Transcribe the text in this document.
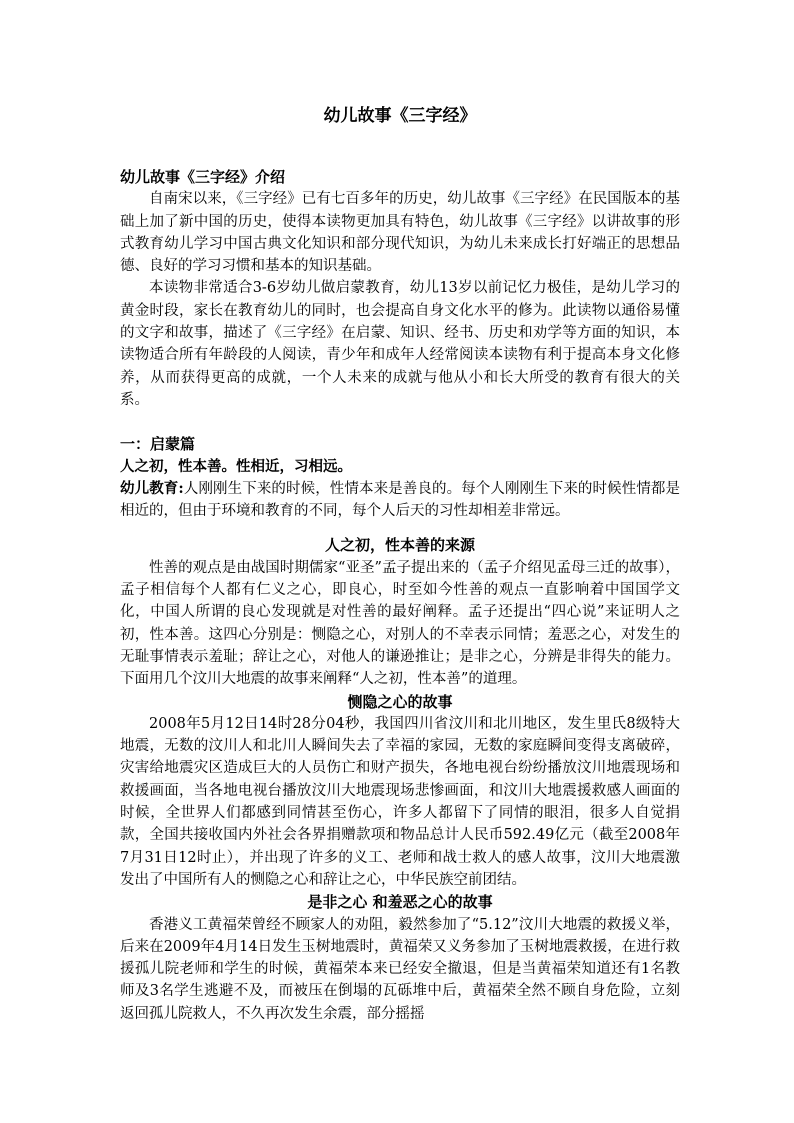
幼儿故事《三字经》

幼儿故事《三字经》介绍

自南宋以来，《三字经》已有七百多年的历史，幼儿故事《三字经》在民国版本的基础上加了新中国的历史，使得本读物更加具有特色，幼儿故事《三字经》以讲故事的形式教育幼儿学习中国古典文化知识和部分现代知识，为幼儿未来成长打好端正的思想品德、良好的学习习惯和基本的知识基础。

本读物非常适合3-6岁幼儿做启蒙教育，幼儿13岁以前记忆力极佳，是幼儿学习的黄金时段，家长在教育幼儿的同时，也会提高自身文化水平的修为。此读物以通俗易懂的文字和故事，描述了《三字经》在启蒙、知识、经书、历史和劝学等方面的知识，本读物适合所有年龄段的人阅读，青少年和成年人经常阅读本读物有利于提高本身文化修养，从而获得更高的成就，一个人未来的成就与他从小和长大所受的教育有很大的关系。

一：启蒙篇

人之初，性本善。性相近，习相远。

幼儿教育:人刚刚生下来的时候，性情本来是善良的。每个人刚刚生下来的时候性情都是相近的，但由于环境和教育的不同，每个人后天的习性却相差非常远。

人之初，性本善的来源

性善的观点是由战国时期儒家“亚圣”孟子提出来的（孟子介绍见孟母三迁的故事），孟子相信每个人都有仁义之心，即良心，时至如今性善的观点一直影响着中国国学文化，中国人所谓的良心发现就是对性善的最好阐释。孟子还提出“四心说”来证明人之初，性本善。这四心分别是：恻隐之心，对别人的不幸表示同情；羞恶之心，对发生的无耻事情表示羞耻；辞让之心，对他人的谦逊推让；是非之心，分辨是非得失的能力。下面用几个汶川大地震的故事来阐释“人之初，性本善”的道理。

恻隐之心的故事

2008年5月12日14时28分04秒，我国四川省汶川和北川地区，发生里氏8级特大地震，无数的汶川人和北川人瞬间失去了幸福的家园，无数的家庭瞬间变得支离破碎，灾害给地震灾区造成巨大的人员伤亡和财产损失，各地电视台纷纷播放汶川地震现场和救援画面，当各地电视台播放汶川大地震现场悲惨画面，和汶川大地震援救感人画面的时候，全世界人们都感到同情甚至伤心，许多人都留下了同情的眼泪，很多人自觉捐款，全国共接收国内外社会各界捐赠款项和物品总计人民币592.49亿元（截至2008年7月31日12时止），并出现了许多的义工、老师和战士救人的感人故事，汶川大地震激发出了中国所有人的恻隐之心和辞让之心，中华民族空前团结。

是非之心 和羞恶之心的故事

香港义工黄福荣曾经不顾家人的劝阻，毅然参加了“5.12”汶川大地震的救援义举，后来在2009年4月14日发生玉树地震时，黄福荣又义务参加了玉树地震救援，在进行救援孤儿院老师和学生的时候，黄福荣本来已经安全撤退，但是当黄福荣知道还有1名教师及3名学生逃避不及，而被压在倒塌的瓦砾堆中后，黄福荣全然不顾自身危险，立刻返回孤儿院救人，不久再次发生余震，部分摇摇
